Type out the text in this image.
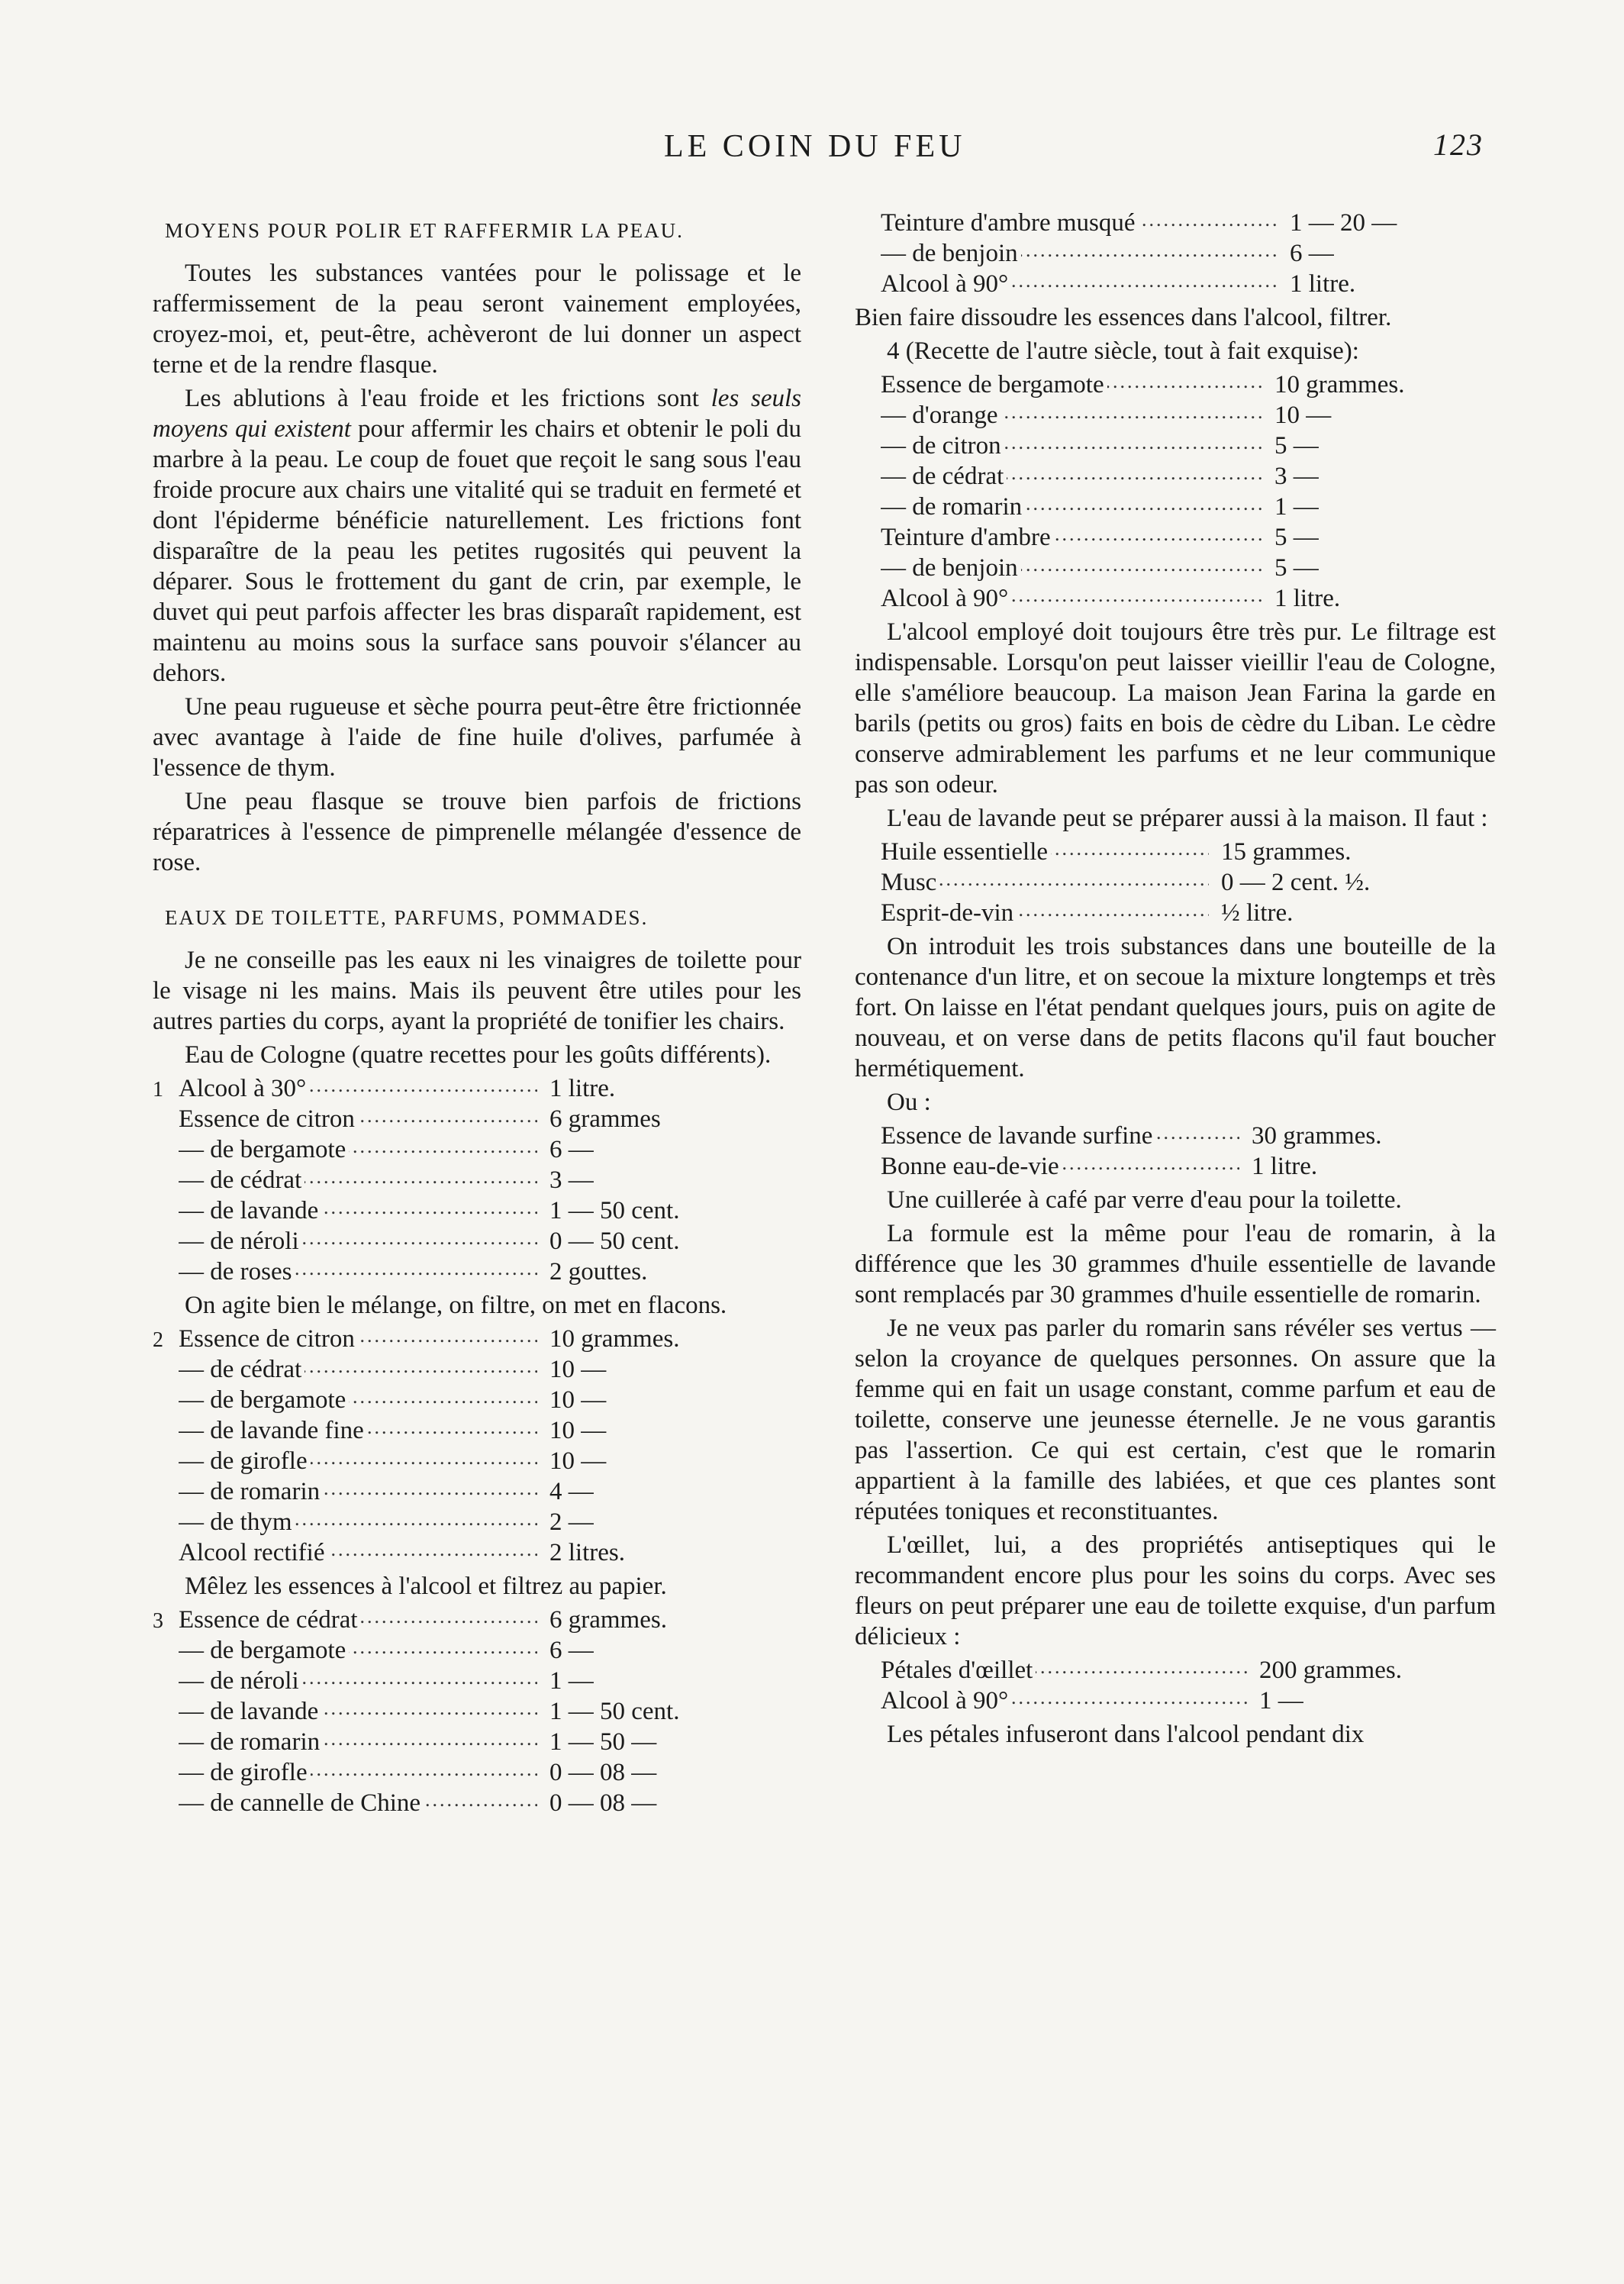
LE COIN DU FEU	123
MOYENS POUR POLIR ET RAFFERMIR LA PEAU.

Toutes les substances vantées pour le polissage et le raffermissement de la peau seront vainement employées, croyez-moi, et, peut-être, achèveront de lui donner un aspect terne et de la rendre flasque.

Les ablutions à l'eau froide et les frictions sont les seuls moyens qui existent pour affermir les chairs et obtenir le poli du marbre à la peau. Le coup de fouet que reçoit le sang sous l'eau froide procure aux chairs une vitalité qui se traduit en fermeté et dont l'épiderme bénéficie naturellement. Les frictions font disparaître de la peau les petites rugosités qui peuvent la déparer. Sous le frottement du gant de crin, par exemple, le duvet qui peut parfois affecter les bras disparaît rapidement, est maintenu au moins sous la surface sans pouvoir s'élancer au dehors.

Une peau rugueuse et sèche pourra peut-être être frictionnée avec avantage à l'aide de fine huile d'olives, parfumée à l'essence de thym.

Une peau flasque se trouve bien parfois de frictions réparatrices à l'essence de pimprenelle mélangée d'essence de rose.

EAUX DE TOILETTE, PARFUMS, POMMADES.

Je ne conseille pas les eaux ni les vinaigres de toilette pour le visage ni les mains. Mais ils peuvent être utiles pour les autres parties du corps, ayant la propriété de tonifier les chairs.

Eau de Cologne (quatre recettes pour les goûts différents).

1 Alcool à 30° .....	1 litre.
Essence de citron .....	6 grammes
— de bergamote .....	6 —
— de cédrat .....	3 —
— de lavande .....	1 — 50 cent.
— de néroli .....	0 — 50 cent.
— de roses .....	2 gouttes.

On agite bien le mélange, on filtre, on met en flacons.

2 Essence de citron .....	10 grammes.
— de cédrat .....	10 —
— de bergamote .....	10 —
— de lavande fine .....	10 —
— de girofle .....	10 —
— de romarin .....	4 —
— de thym .....	2 —
Alcool rectifié .....	2 litres.

Mêlez les essences à l'alcool et filtrez au papier.

3 Essence de cédrat .....	6 grammes.
— de bergamote .....	6 —
— de néroli .....	1 —
— de lavande .....	1 — 50 cent.
— de romarin .....	1 — 50 —
— de girofle .....	0 — 08 —
— de cannelle de Chine .....	0 — 08 —
Teinture d'ambre musqué .....	1 — 20 —
— de benjoin .....	6 —
Alcool à 90° .....	1 litre.

Bien faire dissoudre les essences dans l'alcool, filtrer.

4 (Recette de l'autre siècle, tout à fait exquise):

Essence de bergamote .....	10 grammes.
— d'orange .....	10 —
— de citron .....	5 —
— de cédrat .....	3 —
— de romarin .....	1 —
Teinture d'ambre .....	5 —
— de benjoin .....	5 —
Alcool à 90° .....	1 litre.

L'alcool employé doit toujours être très pur. Le filtrage est indispensable. Lorsqu'on peut laisser vieillir l'eau de Cologne, elle s'améliore beaucoup. La maison Jean Farina la garde en barils (petits ou gros) faits en bois de cèdre du Liban. Le cèdre conserve admirablement les parfums et ne leur communique pas son odeur.

L'eau de lavande peut se préparer aussi à la maison. Il faut :

Huile essentielle .....	15 grammes.
Musc .....	0 — 2 cent. ½.
Esprit-de-vin .....	½ litre.

On introduit les trois substances dans une bouteille de la contenance d'un litre, et on secoue la mixture longtemps et très fort. On laisse en l'état pendant quelques jours, puis on agite de nouveau, et on verse dans de petits flacons qu'il faut boucher hermétiquement.

Ou :

Essence de lavande surfine .....	30 grammes.
Bonne eau-de-vie .....	1 litre.

Une cuillerée à café par verre d'eau pour la toilette.

La formule est la même pour l'eau de romarin, à la différence que les 30 grammes d'huile essentielle de lavande sont remplacés par 30 grammes d'huile essentielle de romarin.

Je ne veux pas parler du romarin sans révéler ses vertus — selon la croyance de quelques personnes. On assure que la femme qui en fait un usage constant, comme parfum et eau de toilette, conserve une jeunesse éternelle. Je ne vous garantis pas l'assertion. Ce qui est certain, c'est que le romarin appartient à la famille des labiées, et que ces plantes sont réputées toniques et reconstituantes.

L'œillet, lui, a des propriétés antiseptiques qui le recommandent encore plus pour les soins du corps. Avec ses fleurs on peut préparer une eau de toilette exquise, d'un parfum délicieux :

Pétales d'œillet .....	200 grammes.
Alcool à 90° .....	1 —

Les pétales infuseront dans l'alcool pendant dix
